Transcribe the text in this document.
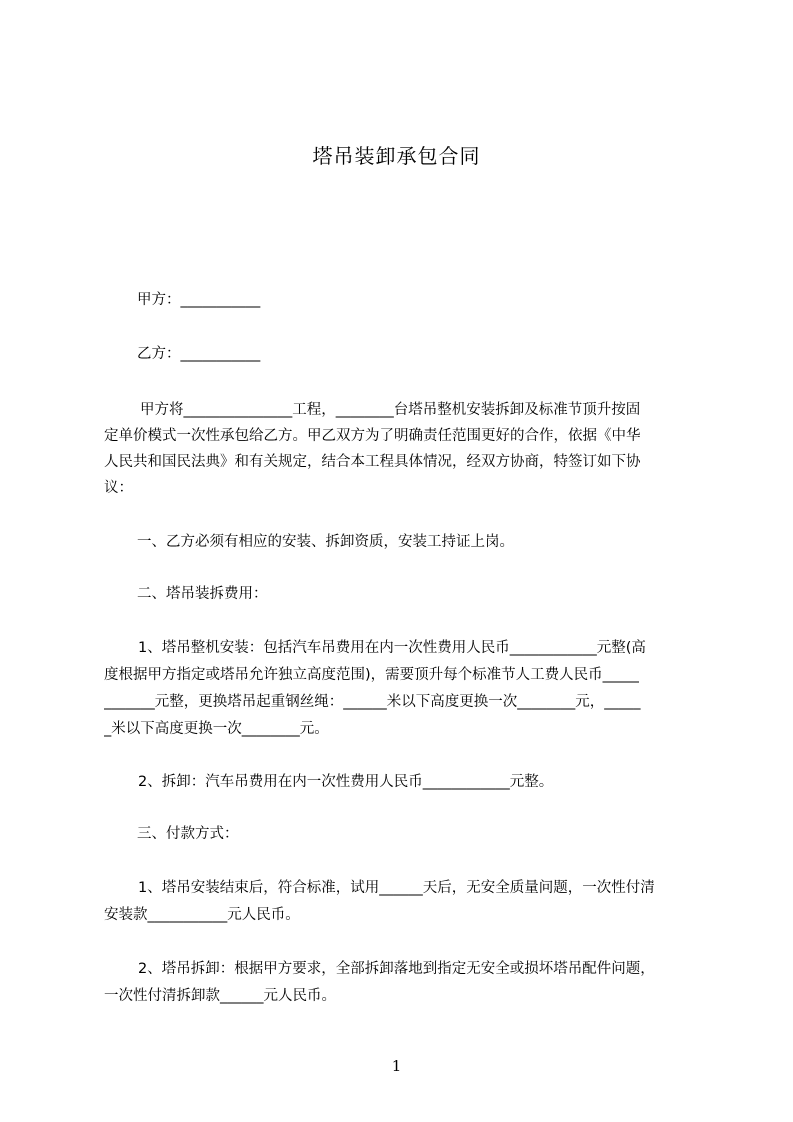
塔吊装卸承包合同
甲方：___________
乙方：___________
甲方将_______________工程，________台塔吊整机安装拆卸及标准节顶升按固
定单价模式一次性承包给乙方。甲乙双方为了明确责任范围更好的合作，依据《中华
人民共和国民法典》和有关规定，结合本工程具体情况，经双方协商，特签订如下协
议：
一、乙方必须有相应的安装、拆卸资质，安装工持证上岗。
二、塔吊装拆费用：
1、塔吊整机安装：包括汽车吊费用在内一次性费用人民币____________元整(高
度根据甲方指定或塔吊允许独立高度范围)，需要顶升每个标准节人工费人民币_____
_______元整，更换塔吊起重钢丝绳：______米以下高度更换一次________元，_____
_米以下高度更换一次________元。
2、拆卸：汽车吊费用在内一次性费用人民币____________元整。
三、付款方式：
1、塔吊安装结束后，符合标准，试用______天后，无安全质量问题，一次性付清
安装款___________元人民币。
2、塔吊拆卸：根据甲方要求，全部拆卸落地到指定无安全或损坏塔吊配件问题，
一次性付清拆卸款______元人民币。
1
